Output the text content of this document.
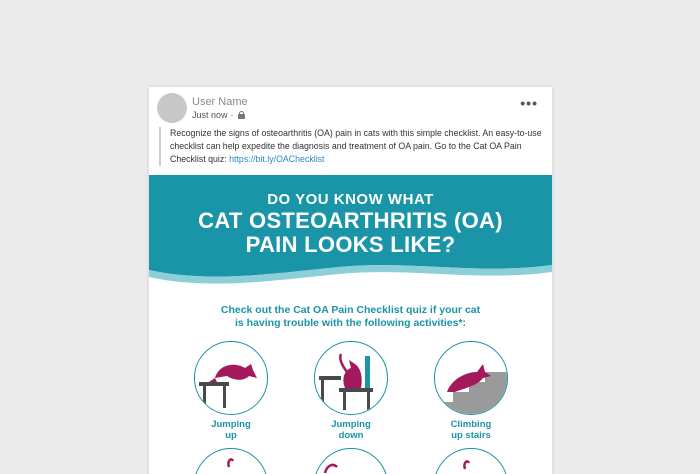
User Name
Just now ·
•••
Recognize the signs of osteoarthritis (OA) pain in cats with this simple checklist. An easy-to-use checklist can help expedite the diagnosis and treatment of OA pain. Go to the Cat OA Pain Checklist quiz: https://bit.ly/OAChecklist
DO YOU KNOW WHAT
CAT OSTEOARTHRITIS (OA)
PAIN LOOKS LIKE?
Check out the Cat OA Pain Checklist quiz if your cat
is having trouble with the following activities*:
Jumping
up
Jumping
down
Climbing
up stairs
